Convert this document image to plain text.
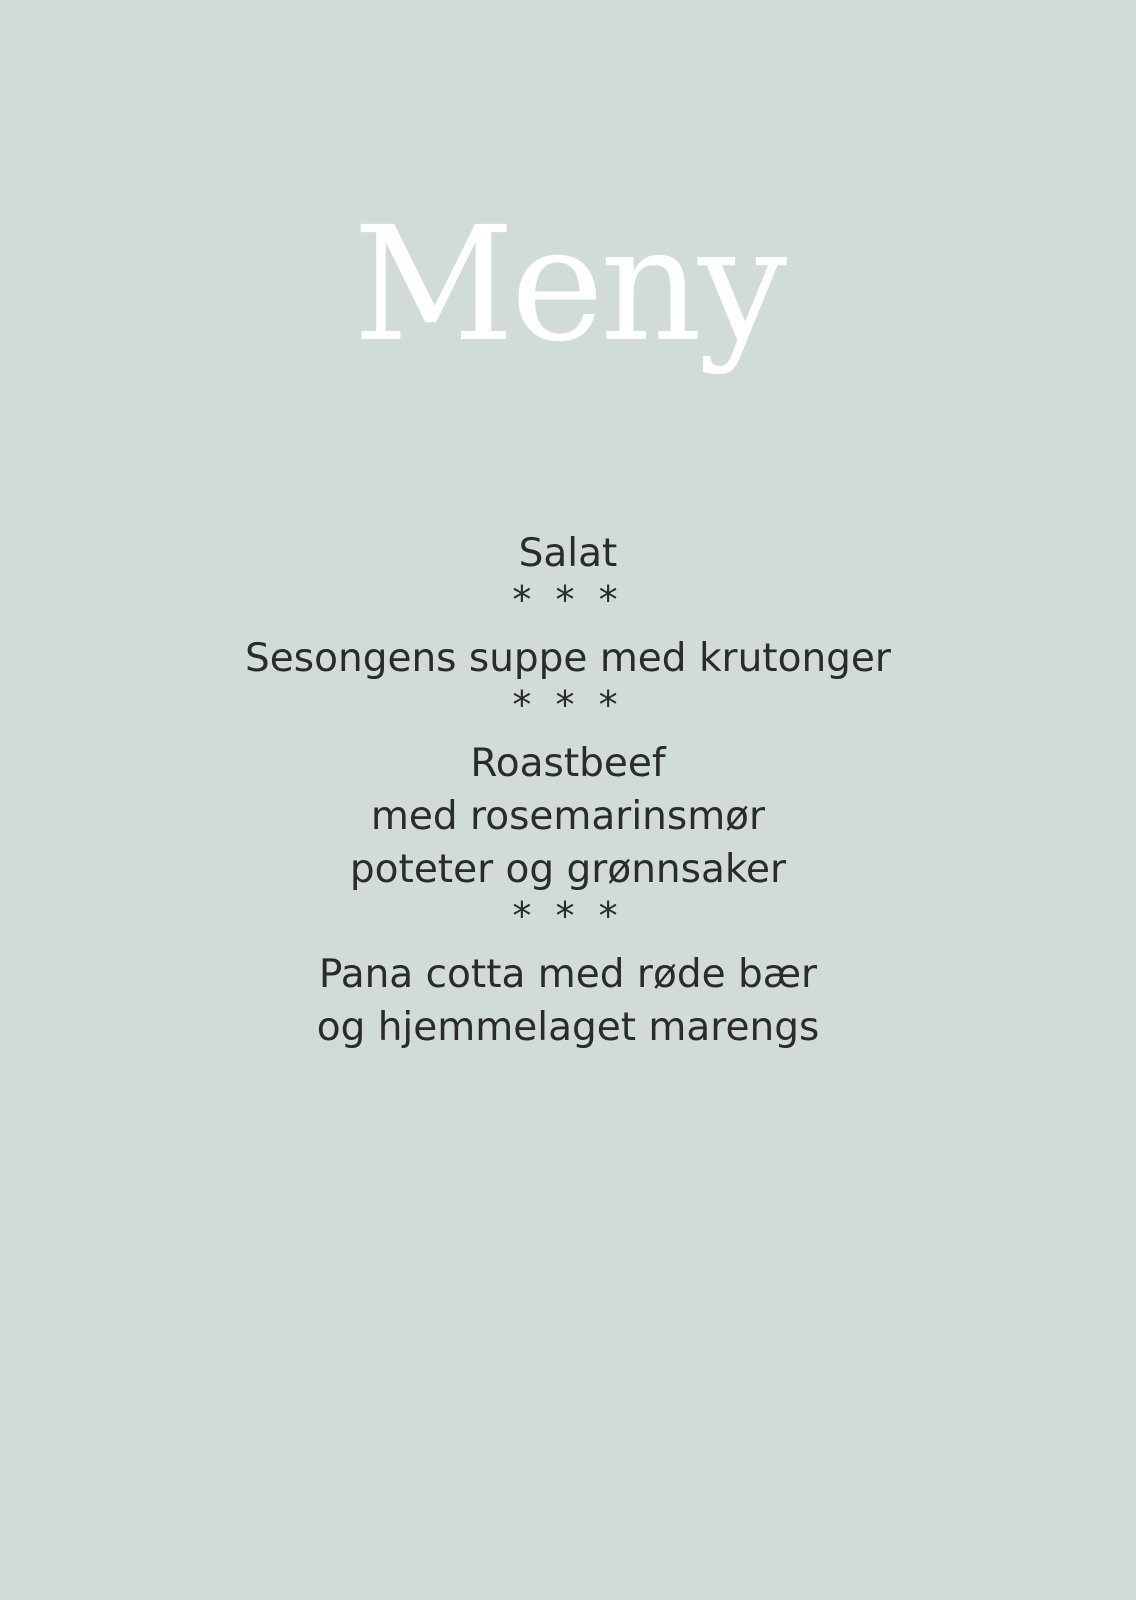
Meny
Salat
* * *
Sesongens suppe med krutonger
* * *
Roastbeef
med rosemarinsmør
poteter og grønnsaker
* * *
Pana cotta med røde bær
og hjemmelaget marengs
